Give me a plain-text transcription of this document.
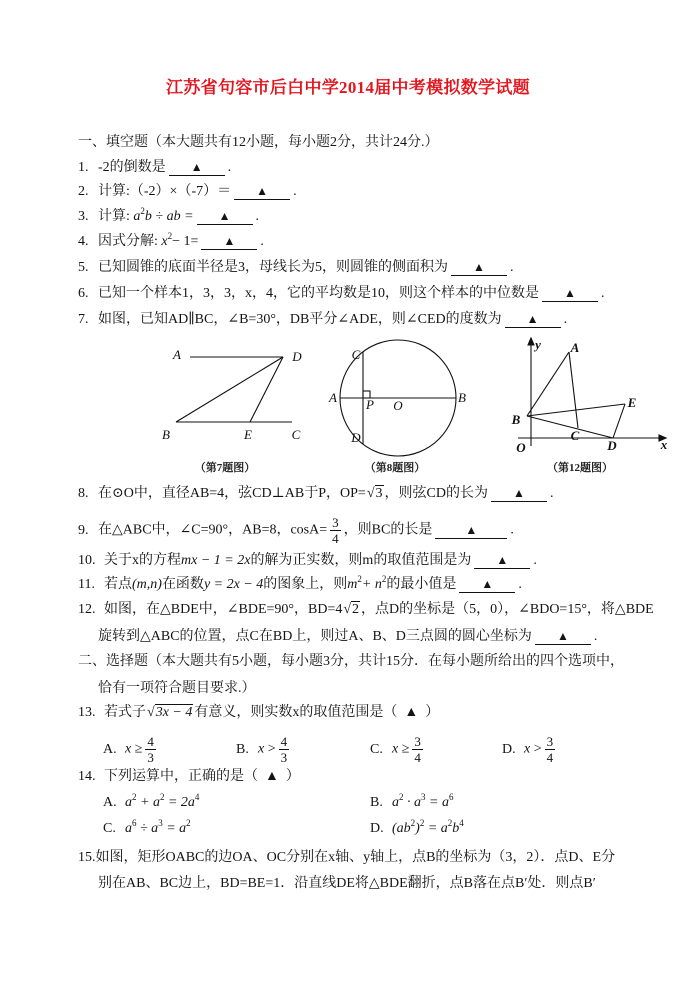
江苏省句容市后白中学2014届中考模拟数学试题
一、填空题（本大题共有12小题，每小题2分，共计24分.）
1. -2的倒数是 ▲ .
2. 计算:（-2）×（-7）＝ ▲ .
3. 计算: $a^2b$ ÷ ab = ▲ .
4. 因式分解: $x^2- 1=$ ▲ .
5. 已知圆锥的底面半径是3，母线长为5，则圆锥的侧面积为 ▲ .
6. 已知一个样本1，3，3，x，4，它的平均数是10，则这个样本的中位数是 ▲ .
7. 如图，已知AD∥BC，∠B=30°，DB平分∠ADE，则∠CED的度数为 ▲ .
A	D
B	E	C
C
A P O
B
D
y A
E
B
C
D	x
O
（第7题图）	（第8题图）	（第12题图）
8. 在⊙O中，直径AB=4，弦CD⊥AB于P，OP=√3 ，则弦CD的长为 ▲ .
9. 在△ABC中，∠C=90°，AB=8，$\cos A= \frac{3}{4}$ ，则BC的长是	▲ .
10. 关于x的方程mx − 1 = 2x的解为正实数，则m的取值范围是为 ▲ .
11. 若点(m,n)在函数y = 2x − 4的图象上，则$m^2+ n^2$的最小值是 ▲ .
12. 如图，在△BDE中，∠BDE=90°，BD=4√2 ，点D的坐标是（5，0），∠BDO=15°，将△BDE
旋转到△ABC的位置，点C在BD上，则过A、B、D三点圆的圆心坐标为 ▲ .
二、选择题（本大题共有5小题，每小题3分，共计15分．在每小题所给出的四个选项中，
恰有一项符合题目要求.）
13. 若式子√3x − 4 有意义，则实数x的取值范围是（ ▲ ）
A. $x \ge \frac{4}{3}$	B. $x > \frac{4}{3}$	C. $x \ge \frac{3}{4}$	D. $x > \frac{3}{4}$
14. 下列运算中，正确的是（ ▲ ）
A. $a^2 + a^2 = 2a^4$	B. $a^2 \cdot a^3 = a^6$
C. $a^6 \div a^3 = a^2$	D. $(ab^2)^2 = a^2b^4$
15.如图，矩形OABC的边OA、OC分别在x轴、y轴上，点B的坐标为（3，2）．点D、E分
别在AB、BC边上，BD=BE=1．沿直线DE将△BDE翻折，点B落在点B′处．则点B′
